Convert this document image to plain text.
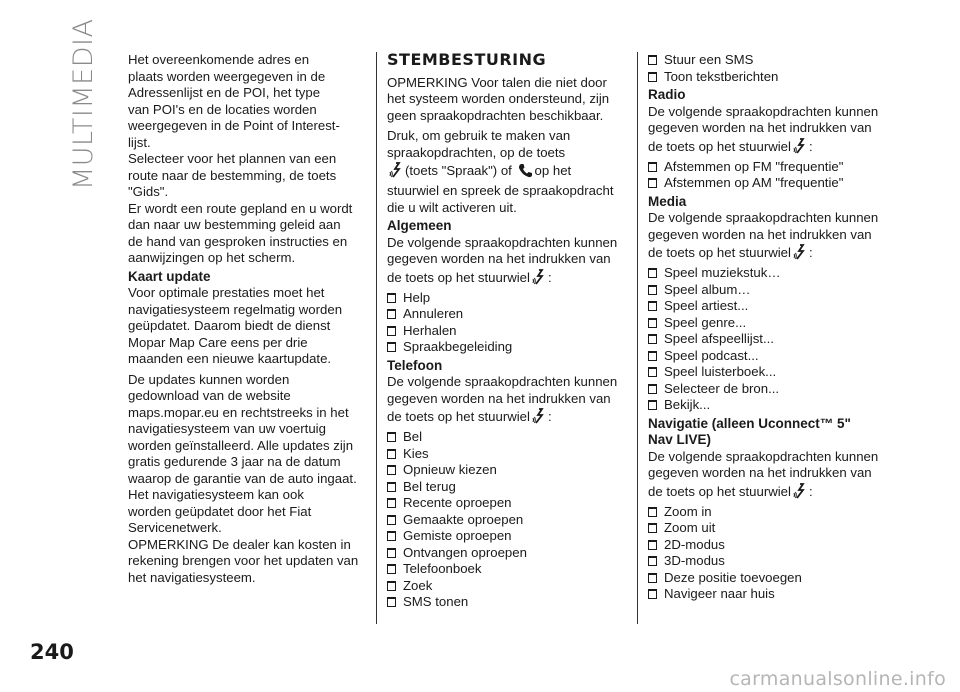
MULTIMEDIA
240
carmanualsonline.info

Het overeenkomende adres en

plaats worden weergegeven in de

Adressenlijst en de POI, het type

van POI's en de locaties worden

weergegeven in de Point of Interest-

lijst.

Selecteer voor het plannen van een

route naar de bestemming, de toets

"Gids".

Er wordt een route gepland en u wordt

dan naar uw bestemming geleid aan

de hand van gesproken instructies en

aanwijzingen op het scherm.

Kaart update

Voor optimale prestaties moet het

navigatiesysteem regelmatig worden

geüpdatet. Daarom biedt de dienst

Mopar Map Care eens per drie

maanden een nieuwe kaartupdate.

De updates kunnen worden

gedownload van de website

maps.mopar.eu en rechtstreeks in het

navigatiesysteem van uw voertuig

worden geïnstalleerd. Alle updates zijn

gratis gedurende 3 jaar na de datum

waarop de garantie van de auto ingaat.

Het navigatiesysteem kan ook

worden geüpdatet door het Fiat

Servicenetwerk.

OPMERKING De dealer kan kosten in

rekening brengen voor het updaten van

het navigatiesysteem.

STEMBESTURING

OPMERKING Voor talen die niet door

het systeem worden ondersteund, zijn

geen spraakopdrachten beschikbaar.

Druk, om gebruik te maken van

spraakopdrachten, op de toets

(toets "Spraak") of op het

stuurwiel en spreek de spraakopdracht

die u wilt activeren uit.

Algemeen

De volgende spraakopdrachten kunnen

gegeven worden na het indrukken van

de toets op het stuurwiel :

Help
Annuleren
Herhalen
Spraakbegeleiding
Telefoon

De volgende spraakopdrachten kunnen

gegeven worden na het indrukken van

de toets op het stuurwiel :

Bel
Kies
Opnieuw kiezen
Bel terug
Recente oproepen
Gemaakte oproepen
Gemiste oproepen
Ontvangen oproepen
Telefoonboek
Zoek
SMS tonen
Stuur een SMS
Toon tekstberichten
Radio

De volgende spraakopdrachten kunnen

gegeven worden na het indrukken van

de toets op het stuurwiel :

Afstemmen op FM "frequentie"
Afstemmen op AM "frequentie"
Media

De volgende spraakopdrachten kunnen

gegeven worden na het indrukken van

de toets op het stuurwiel :

Speel muziekstuk…
Speel album…
Speel artiest...
Speel genre...
Speel afspeellijst...
Speel podcast...
Speel luisterboek...
Selecteer de bron...
Bekijk...
Navigatie (alleen Uconnect™ 5"
Nav LIVE)

De volgende spraakopdrachten kunnen

gegeven worden na het indrukken van

de toets op het stuurwiel :

Zoom in
Zoom uit
2D-modus
3D-modus
Deze positie toevoegen
Navigeer naar huis
